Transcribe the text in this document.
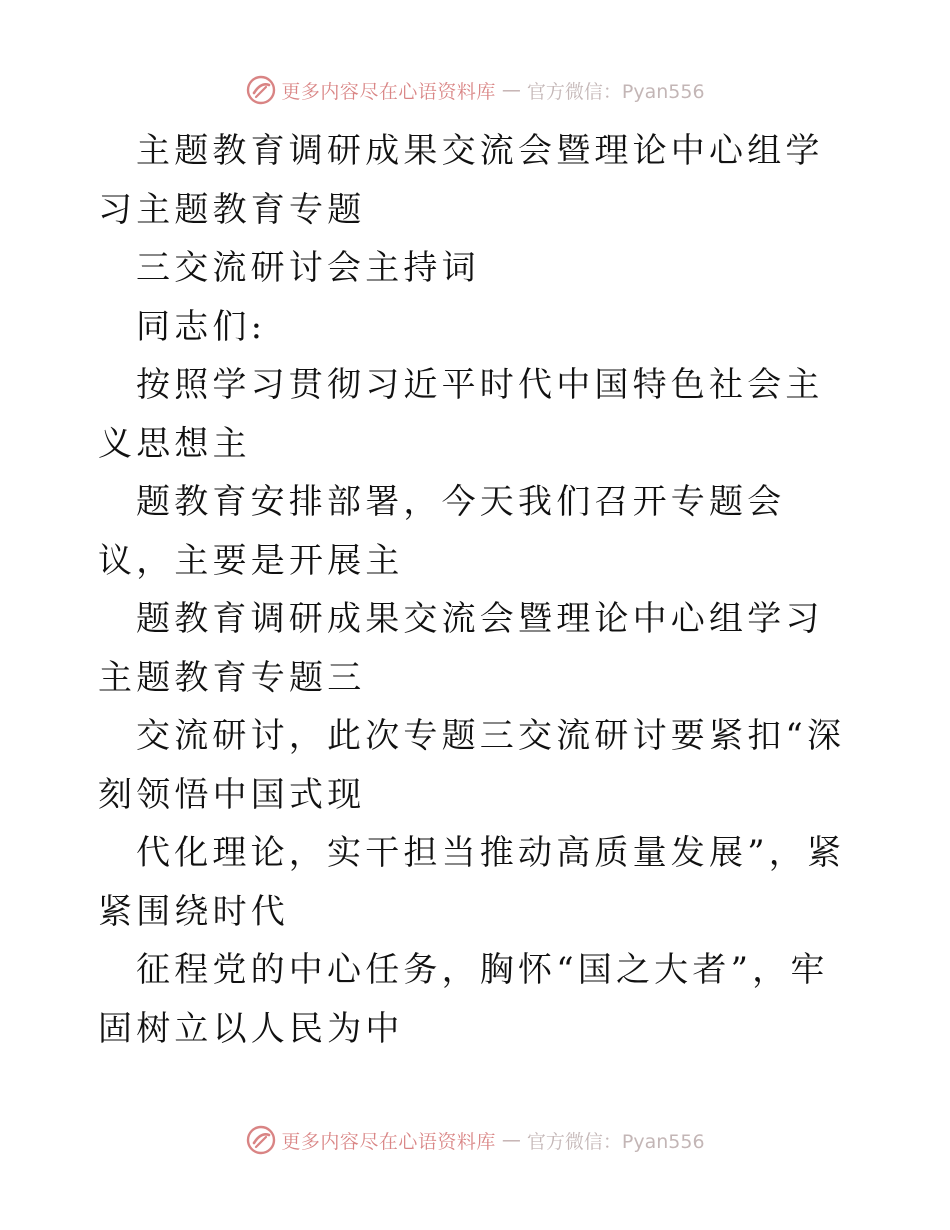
更多内容尽在心语资料库 — 官方微信：Pyan556

主题教育调研成果交流会暨理论中心组学习主题教育专题

三交流研讨会主持词

同志们:

按照学习贯彻习近平时代中国特色社会主义思想主

题教育安排部署，今天我们召开专题会议，主要是开展主

题教育调研成果交流会暨理论中心组学习主题教育专题三

交流研讨，此次专题三交流研讨要紧扣“深刻领悟中国式现

代化理论，实干担当推动高质量发展”，紧紧围绕时代

征程党的中心任务，胸怀“国之大者”，牢固树立以人民为中

更多内容尽在心语资料库 — 官方微信：Pyan556
